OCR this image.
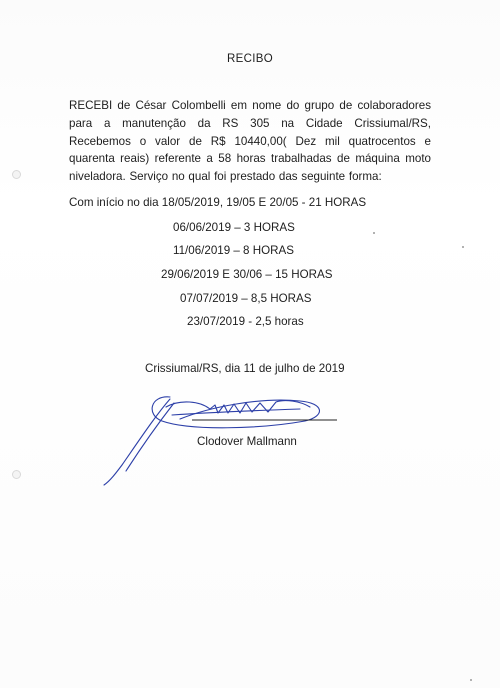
RECIBO
RECEBI de César Colombelli em nome do grupo de colaboradores para a manutenção da RS 305 na Cidade Crissiumal/RS, Recebemos o valor de R$ 10440,00( Dez mil quatrocentos e quarenta reais) referente a 58 horas trabalhadas de máquina moto niveladora. Serviço no qual foi prestado das seguinte forma:
Com início no dia 18/05/2019, 19/05 E 20/05 - 21 HORAS
06/06/2019 – 3 HORAS
11/06/2019 – 8 HORAS
29/06/2019 E 30/06 – 15 HORAS
07/07/2019 – 8,5 HORAS
23/07/2019 - 2,5 horas
Crissiumal/RS, dia 11 de julho de 2019
Clodover Mallmann
